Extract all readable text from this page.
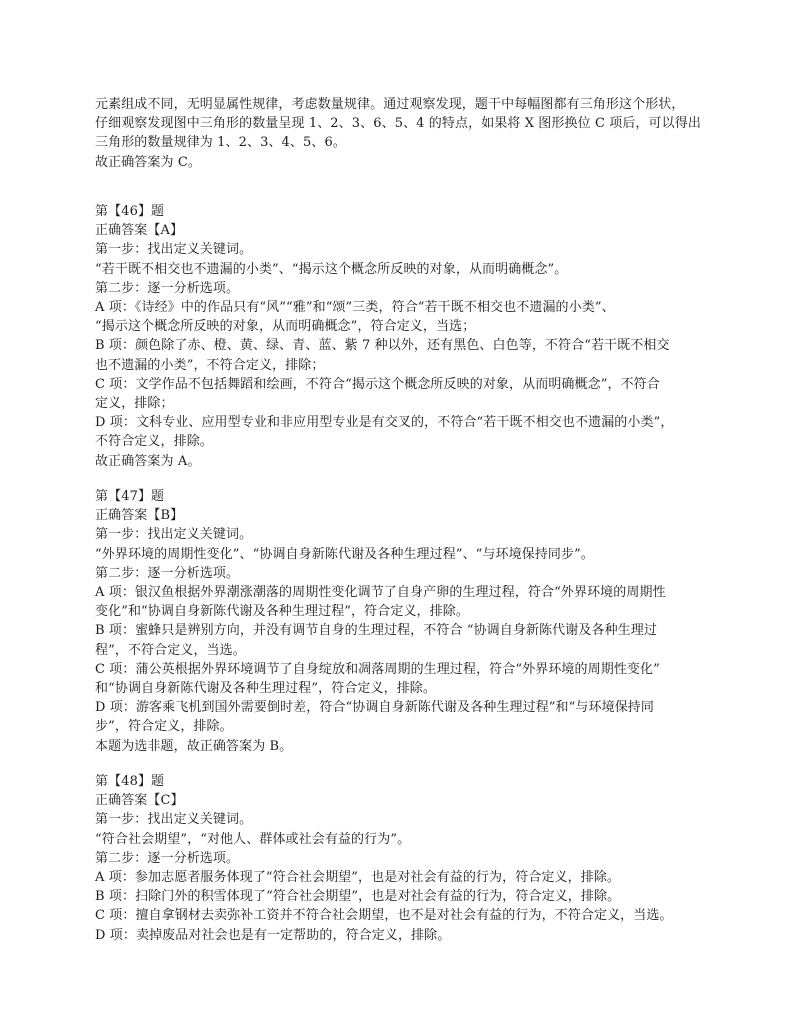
元素组成不同，无明显属性规律，考虑数量规律。通过观察发现，题干中每幅图都有三角形这个形状，
仔细观察发现图中三角形的数量呈现 1、2、3、6、5、4 的特点，如果将 X 图形换位 C 项后，可以得出
三角形的数量规律为 1、2、3、4、5、6。
故正确答案为 C。
第【46】题
正确答案【A】
第一步：找出定义关键词。
“若干既不相交也不遗漏的小类”、“揭示这个概念所反映的对象，从而明确概念”。
第二步：逐一分析选项。
A 项：《诗经》中的作品只有“风”“雅”和“颂”三类，符合“若干既不相交也不遗漏的小类”、
“揭示这个概念所反映的对象，从而明确概念”，符合定义，当选；
B 项：颜色除了赤、橙、黄、绿、青、蓝、紫 7 种以外，还有黑色、白色等，不符合“若干既不相交
也不遗漏的小类”，不符合定义，排除；
C 项：文学作品不包括舞蹈和绘画，不符合“揭示这个概念所反映的对象，从而明确概念”，不符合
定义，排除；
D 项：文科专业、应用型专业和非应用型专业是有交叉的，不符合“若干既不相交也不遗漏的小类”，
不符合定义，排除。
故正确答案为 A。
第【47】题
正确答案【B】
第一步：找出定义关键词。
“外界环境的周期性变化”、“协调自身新陈代谢及各种生理过程”、“与环境保持同步”。
第二步：逐一分析选项。
A 项：银汉鱼根据外界潮涨潮落的周期性变化调节了自身产卵的生理过程，符合“外界环境的周期性
变化”和“协调自身新陈代谢及各种生理过程”，符合定义，排除。
B 项：蜜蜂只是辨别方向，并没有调节自身的生理过程，不符合 “协调自身新陈代谢及各种生理过
程”，不符合定义，当选。
C 项：蒲公英根据外界环境调节了自身绽放和凋落周期的生理过程，符合“外界环境的周期性变化”
和“协调自身新陈代谢及各种生理过程”，符合定义，排除。
D 项：游客乘飞机到国外需要倒时差，符合“协调自身新陈代谢及各种生理过程”和“与环境保持同
步”，符合定义，排除。
本题为选非题，故正确答案为 B。
第【48】题
正确答案【C】
第一步：找出定义关键词。
“符合社会期望”，“对他人、群体或社会有益的行为”。
第二步：逐一分析选项。
A 项：参加志愿者服务体现了“符合社会期望”，也是对社会有益的行为，符合定义，排除。
B 项：扫除门外的积雪体现了“符合社会期望”，也是对社会有益的行为，符合定义，排除。
C 项：擅自拿钢材去卖弥补工资并不符合社会期望，也不是对社会有益的行为，不符合定义，当选。
D 项：卖掉废品对社会也是有一定帮助的，符合定义，排除。
